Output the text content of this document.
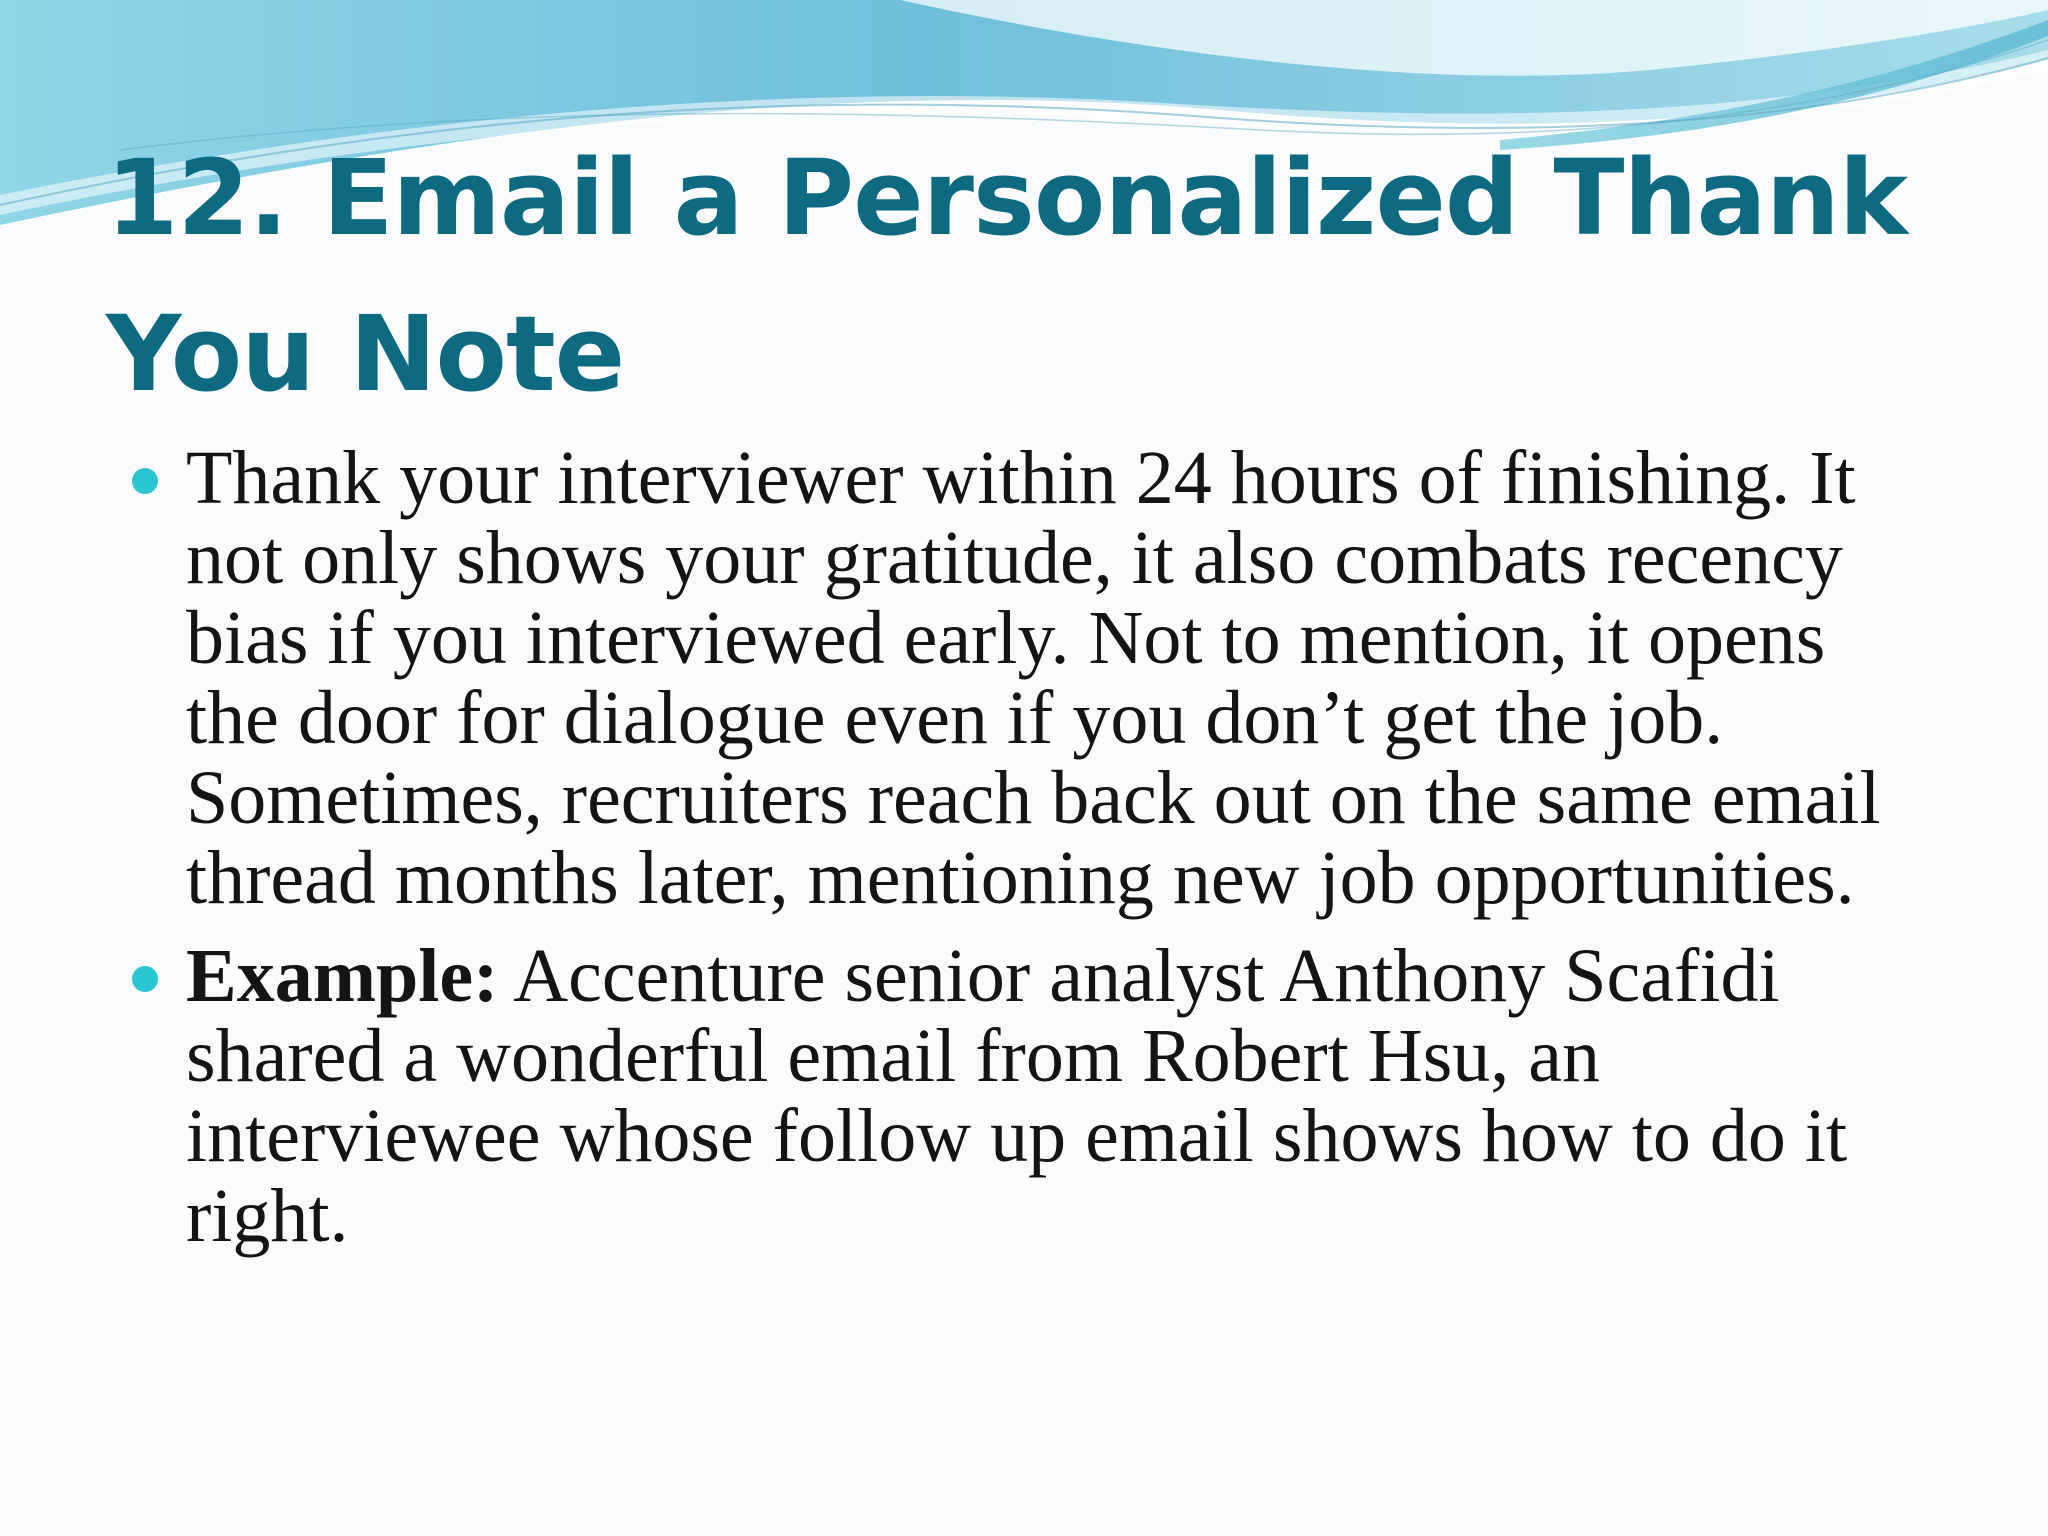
12. Email a Personalized Thank You Note
Thank your interviewer within 24 hours of finishing. It not only shows your gratitude, it also combats recency bias if you interviewed early. Not to mention, it opens the door for dialogue even if you don’t get the job. Sometimes, recruiters reach back out on the same email thread months later, mentioning new job opportunities.
Example: Accenture senior analyst Anthony Scafidi shared a wonderful email from Robert Hsu, an interviewee whose follow up email shows how to do it right.
